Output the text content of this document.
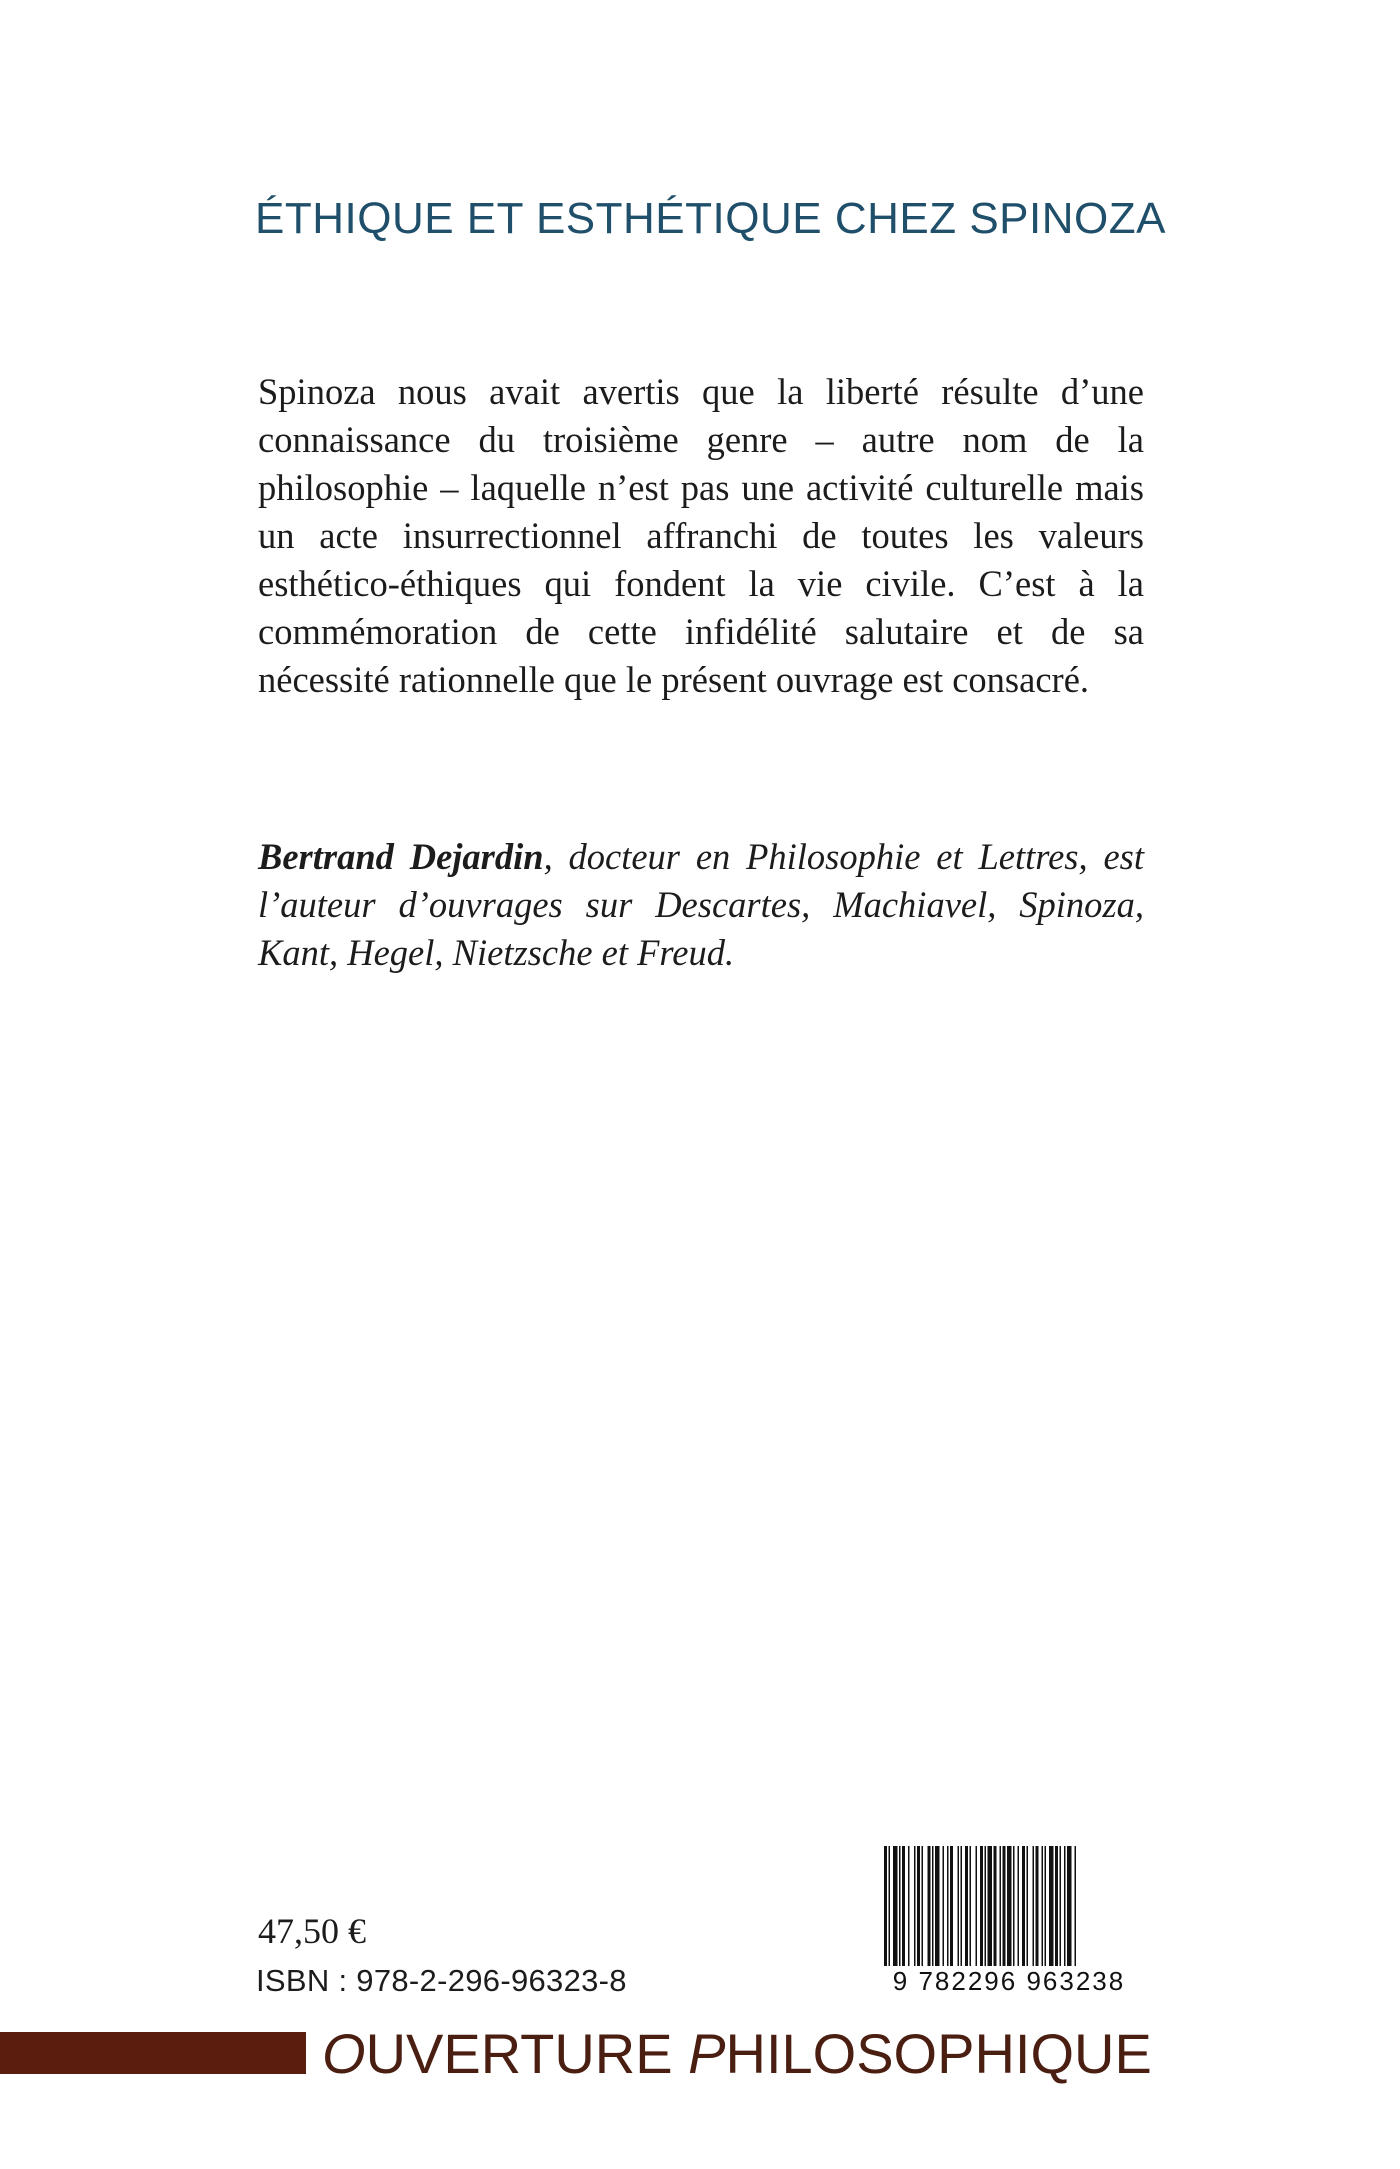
ÉTHIQUE ET ESTHÉTIQUE CHEZ SPINOZA

Spinoza nous avait avertis que la liberté résulte d’une connaissance du troisième genre – autre nom de la philosophie – laquelle n’est pas une activité culturelle mais un acte insurrectionnel affranchi de toutes les valeurs esthético-éthiques qui fondent la vie civile. C’est à la commémoration de cette infidélité salutaire et de sa nécessité rationnelle que le présent ouvrage est consacré.

Bertrand Dejardin, docteur en Philosophie et Lettres, est l’auteur d’ouvrages sur Descartes, Machiavel, Spinoza, Kant, Hegel, Nietzsche et Freud.

47,50 €
ISBN : 978-2-296-96323-8	9 782296 963238
OUVERTURE PHILOSOPHIQUE
